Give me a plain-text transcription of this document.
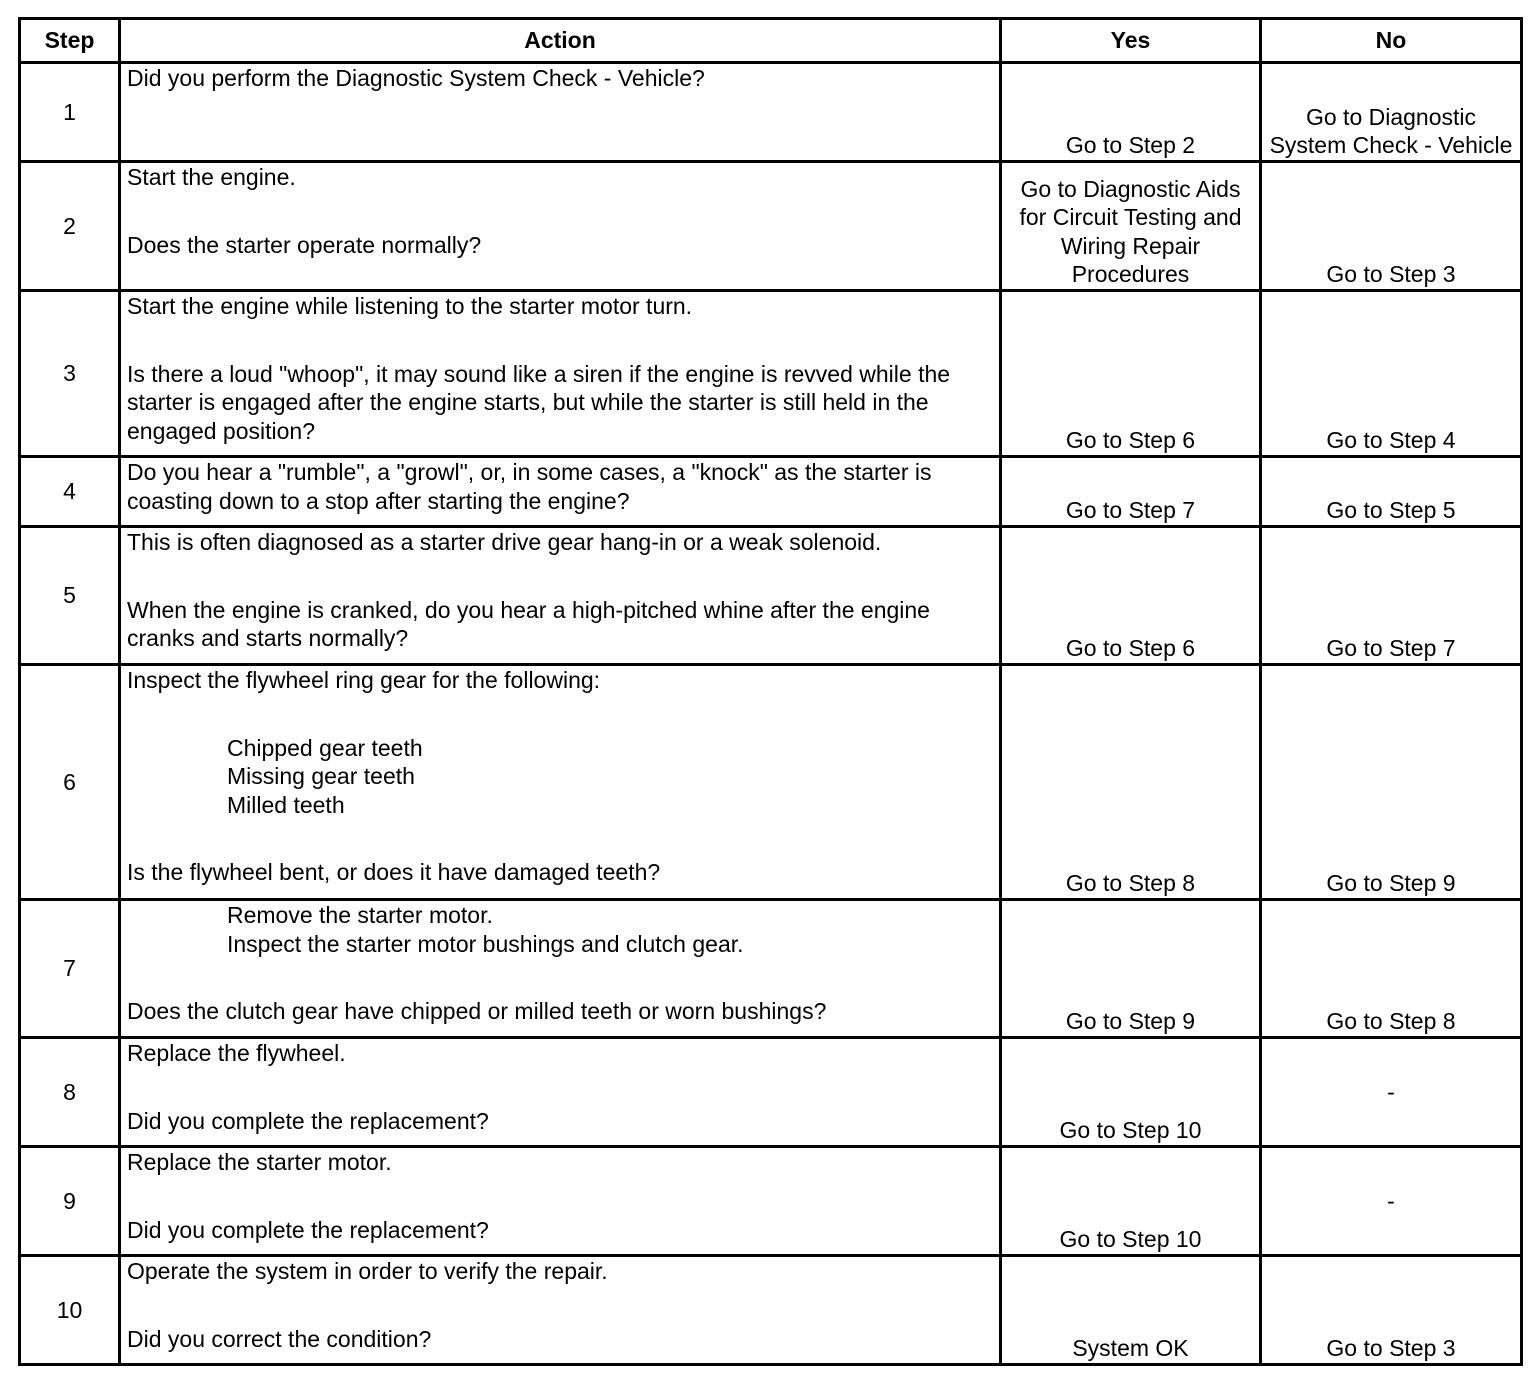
Step	Action	Yes	No
1	Did you perform the Diagnostic System Check - Vehicle?	Go to Step 2	Go to Diagnostic System Check - Vehicle
2	Start the engine.
Does the starter operate normally?	Go to Diagnostic Aids for Circuit Testing and Wiring Repair Procedures	Go to Step 3
3	Start the engine while listening to the starter motor turn.
Is there a loud "whoop", it may sound like a siren if the engine is revved while the starter is engaged after the engine starts, but while the starter is still held in the engaged position?	Go to Step 6	Go to Step 4
4	Do you hear a "rumble", a "growl", or, in some cases, a "knock" as the starter is coasting down to a stop after starting the engine?	Go to Step 7	Go to Step 5
5	This is often diagnosed as a starter drive gear hang-in or a weak solenoid.
When the engine is cranked, do you hear a high-pitched whine after the engine cranks and starts normally?	Go to Step 6	Go to Step 7
6	Inspect the flywheel ring gear for the following:
Chipped gear teeth
Missing gear teeth
Milled teeth
Is the flywheel bent, or does it have damaged teeth?	Go to Step 8	Go to Step 9
7	Remove the starter motor.
Inspect the starter motor bushings and clutch gear.
Does the clutch gear have chipped or milled teeth or worn bushings?	Go to Step 9	Go to Step 8
8	Replace the flywheel.
Did you complete the replacement?	Go to Step 10	-
9	Replace the starter motor.
Did you complete the replacement?	Go to Step 10	-
10	Operate the system in order to verify the repair.
Did you correct the condition?	System OK	Go to Step 3
